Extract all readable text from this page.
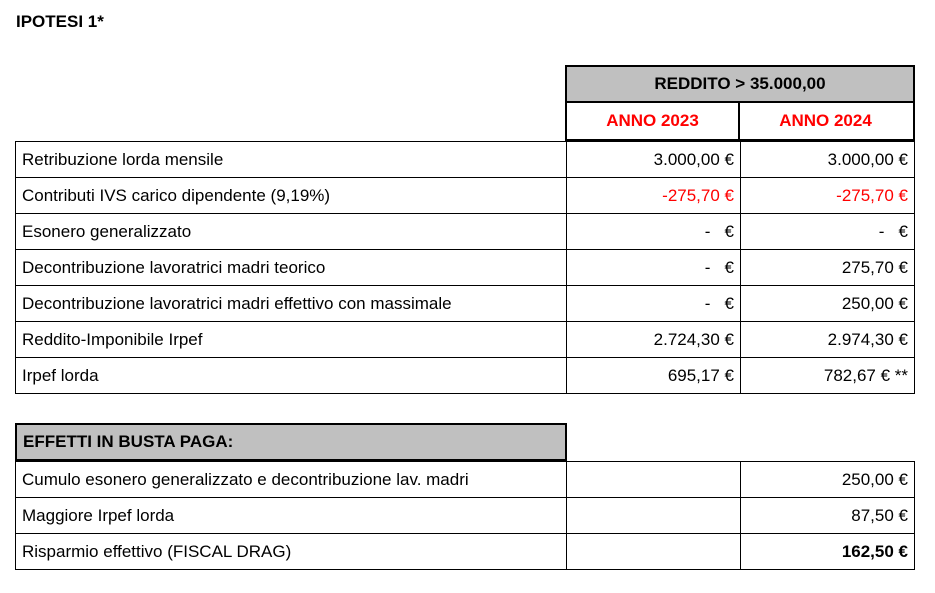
IPOTESI 1*
REDDITO > 35.000,00
ANNO 2023	ANNO 2024
Retribuzione lorda mensile	3.000,00 €	3.000,00 €
Contributi IVS carico dipendente (9,19%)	-275,70 €	-275,70 €
Esonero generalizzato	-   €	-   €
Decontribuzione lavoratrici madri teorico	-   €	275,70 €
Decontribuzione lavoratrici madri effettivo con massimale	-   €	250,00 €
Reddito-Imponibile Irpef	2.724,30 €	2.974,30 €
Irpef lorda	695,17 €	782,67 € **
EFFETTI IN BUSTA PAGA:
Cumulo esonero generalizzato e decontribuzione lav. madri		250,00 €
Maggiore Irpef lorda		87,50 €
Risparmio effettivo (FISCAL DRAG)		162,50 €
